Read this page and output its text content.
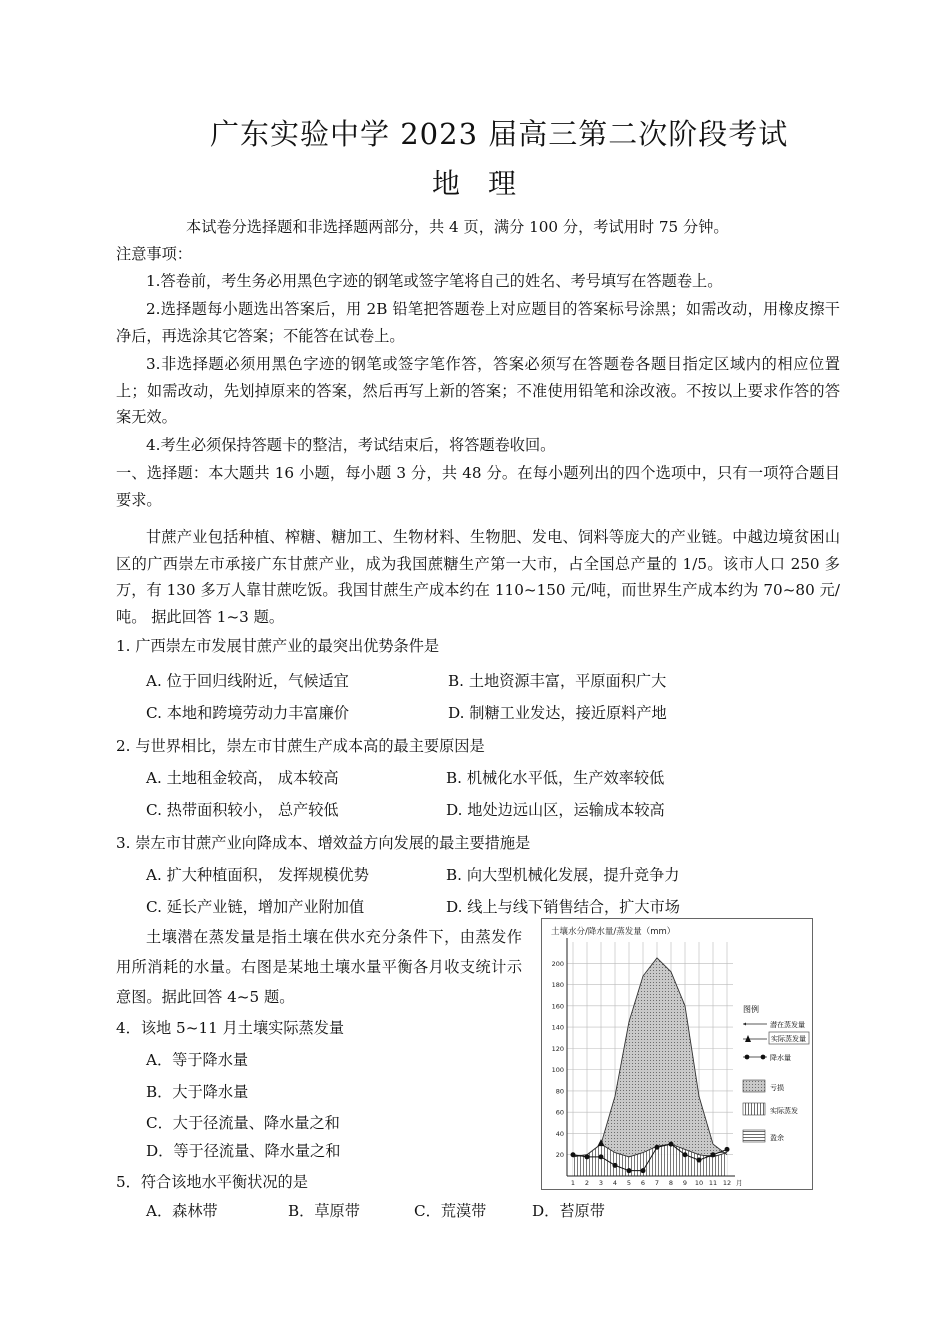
广东实验中学 2023 届高三第二次阶段考试
地　理
本试卷分选择题和非选择题两部分，共 4 页，满分 100 分，考试用时 75 分钟。
注意事项：
1.答卷前，考生务必用黑色字迹的钢笔或签字笔将自己的姓名、考号填写在答题卷上。
2.选择题每小题选出答案后，用 2B 铅笔把答题卷上对应题目的答案标号涂黑；如需改动，用橡皮擦干净后，再选涂其它答案；不能答在试卷上。
3.非选择题必须用黑色字迹的钢笔或签字笔作答，答案必须写在答题卷各题目指定区域内的相应位置上；如需改动，先划掉原来的答案，然后再写上新的答案；不准使用铅笔和涂改液。不按以上要求作答的答案无效。
4.考生必须保持答题卡的整洁，考试结束后，将答题卷收回。
一、选择题：本大题共 16 小题，每小题 3 分，共 48 分。在每小题列出的四个选项中，只有一项符合题目要求。
甘蔗产业包括种植、榨糖、糖加工、生物材料、生物肥、发电、饲料等庞大的产业链。中越边境贫困山区的广西崇左市承接广东甘蔗产业，成为我国蔗糖生产第一大市，占全国总产量的 1/5。该市人口 250 多万，有 130 多万人靠甘蔗吃饭。我国甘蔗生产成本约在 110~150 元/吨，而世界生产成本约为 70~80 元/吨。 据此回答 1~3 题。
1. 广西崇左市发展甘蔗产业的最突出优势条件是
A. 位于回归线附近，气候适宜	B. 土地资源丰富，平原面积广大
C. 本地和跨境劳动力丰富廉价	D. 制糖工业发达，接近原料产地
2. 与世界相比，崇左市甘蔗生产成本高的最主要原因是
A. 土地租金较高， 成本较高	B. 机械化水平低，生产效率较低
C. 热带面积较小， 总产较低	D. 地处边远山区，运输成本较高
3. 崇左市甘蔗产业向降成本、增效益方向发展的最主要措施是
A. 扩大种植面积， 发挥规模优势	B. 向大型机械化发展，提升竞争力
C. 延长产业链，增加产业附加值	D. 线上与线下销售结合，扩大市场
土壤潜在蒸发量是指土壤在供水充分条件下，由蒸发作用所消耗的水量。右图是某地土壤水量平衡各月收支统计示意图。据此回答 4~5 题。
4．该地 5~11 月土壤实际蒸发量
A．等于降水量
B．大于降水量
C．大于径流量、降水量之和
D．等于径流量、降水量之和
5．符合该地水平衡状况的是
A．森林带	B．草原带	C．荒漠带	D．苔原带
土壤水分/降水量/蒸发量（mm）
20
40
60
80
100
120
140
160
180
200
1 2 3 4 5 6 7 8 9 10 11 12 月
图例
潜在蒸发量
实际蒸发量
降水量
亏损
实际蒸发
盈余
